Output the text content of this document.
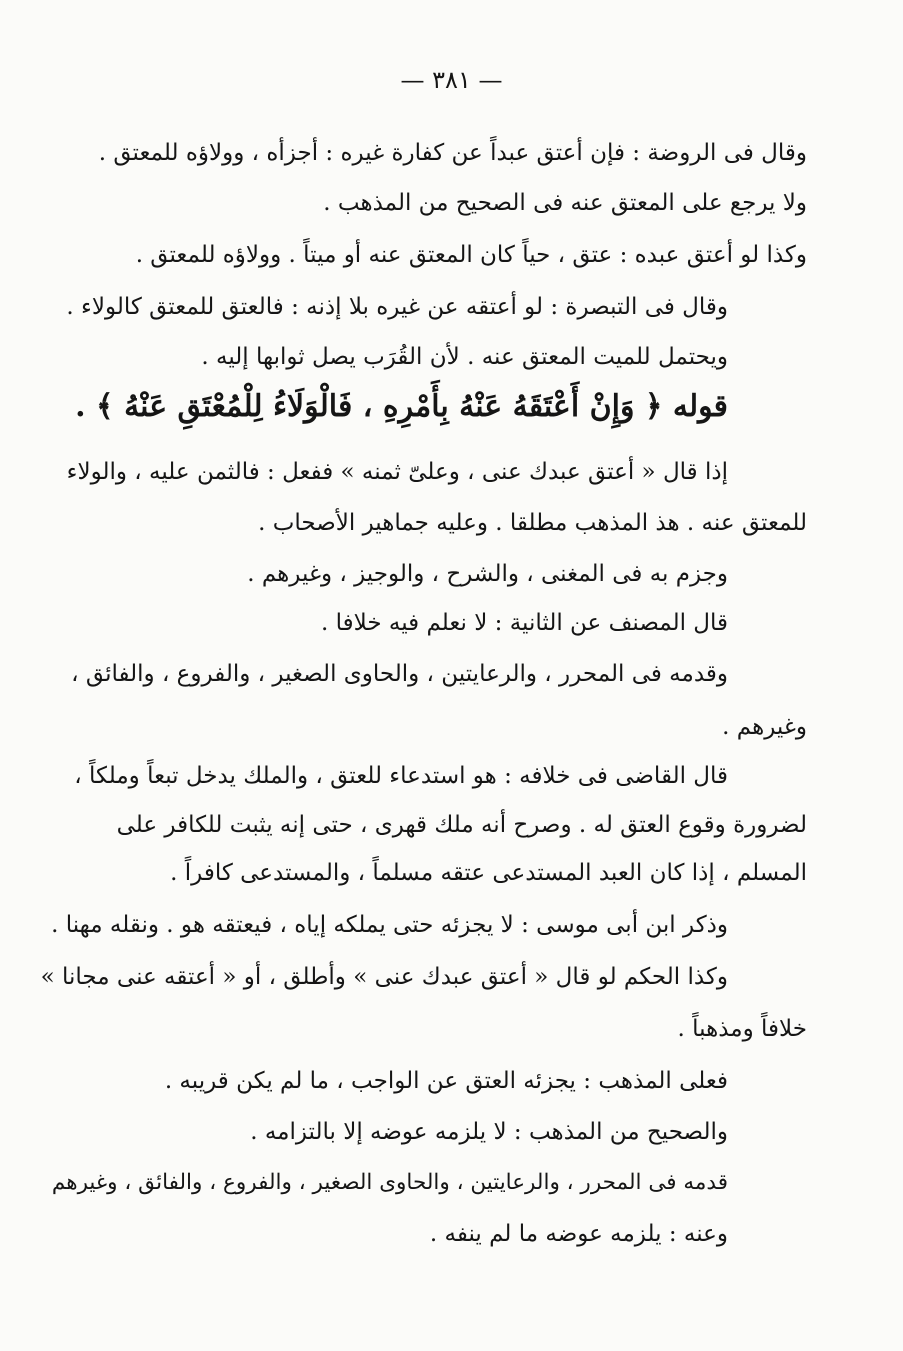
— ٣٨١ —
وقال فى الروضة : فإن أعتق عبداً عن كفارة غيره : أجزأه ، وولاؤه للمعتق .
ولا يرجع على المعتق عنه فى الصحيح من المذهب .
وكذا لو أعتق عبده : عتق ، حياً كان المعتق عنه أو ميتاً . وولاؤه للمعتق .
وقال فى التبصرة : لو أعتقه عن غيره بلا إذنه : فالعتق للمعتق كالولاء .
ويحتمل للميت المعتق عنه . لأن القُرَب يصل ثوابها إليه .
قوله ﴿ وَإِنْ أَعْتَقَهُ عَنْهُ بِأَمْرِهِ ، فَالْوَلَاءُ لِلْمُعْتَقِ عَنْهُ ﴾ .
إذا قال « أعتق عبدك عنى ، وعلىّ ثمنه » ففعل : فالثمن عليه ، والولاء
للمعتق عنه . هذ المذهب مطلقا . وعليه جماهير الأصحاب .
وجزم به فى المغنى ، والشرح ، والوجيز ، وغيرهم .
قال المصنف عن الثانية : لا نعلم فيه خلافا .
وقدمه فى المحرر ، والرعايتين ، والحاوى الصغير ، والفروع ، والفائق ،
وغيرهم .
قال القاضى فى خلافه : هو استدعاء للعتق ، والملك يدخل تبعاً وملكاً ،
لضرورة وقوع العتق له . وصرح أنه ملك قهرى ، حتى إنه يثبت للكافر على
المسلم ، إذا كان العبد المستدعى عتقه مسلماً ، والمستدعى كافراً .
وذكر ابن أبى موسى : لا يجزئه حتى يملكه إياه ، فيعتقه هو . ونقله مهنا .
وكذا الحكم لو قال « أعتق عبدك عنى » وأطلق ، أو « أعتقه عنى مجانا »
خلافاً ومذهباً .
فعلى المذهب : يجزئه العتق عن الواجب ، ما لم يكن قريبه .
والصحيح من المذهب : لا يلزمه عوضه إلا بالتزامه .
قدمه فى المحرر ، والرعايتين ، والحاوى الصغير ، والفروع ، والفائق ، وغيرهم
وعنه : يلزمه عوضه ما لم ينفه .
